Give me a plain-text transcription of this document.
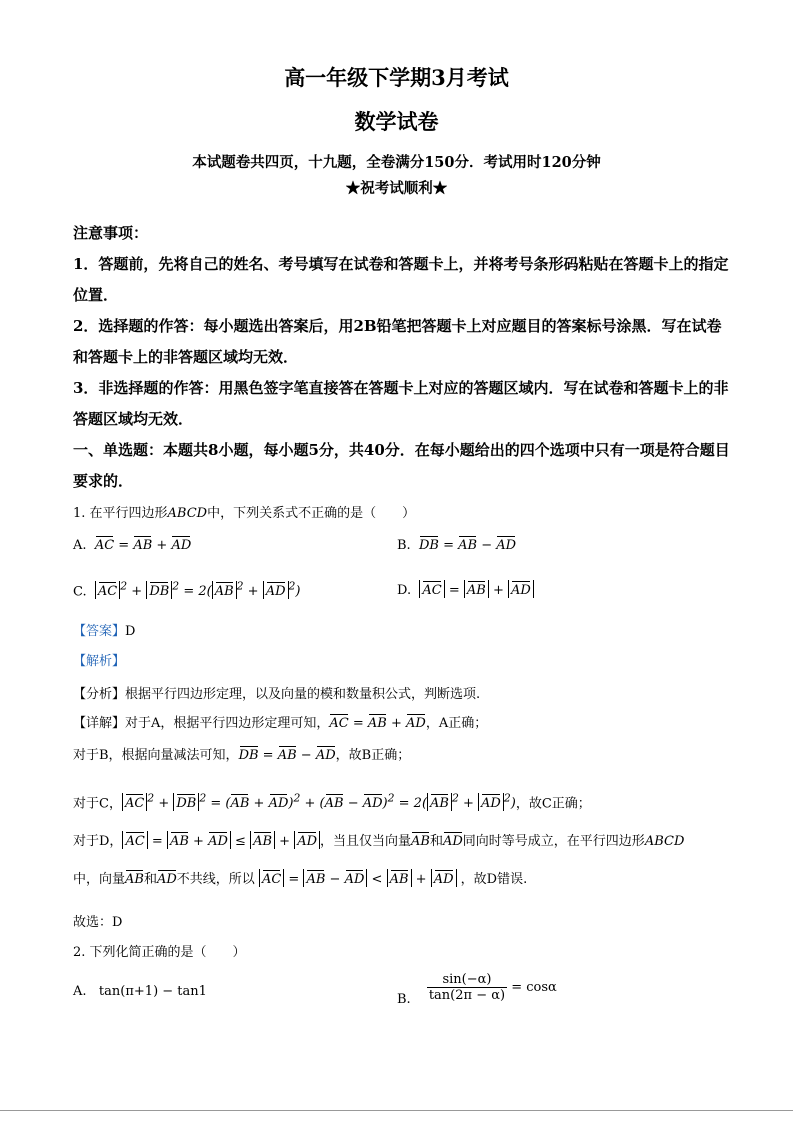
高一年级下学期3月考试
数学试卷
本试题卷共四页，十九题，全卷满分150分．考试用时120分钟
★祝考试顺利★
注意事项：
1．答题前，先将自己的姓名、考号填写在试卷和答题卡上，并将考号条形码粘贴在答题卡上的指定位置．
2．选择题的作答：每小题选出答案后，用2B铅笔把答题卡上对应题目的答案标号涂黑．写在试卷和答题卡上的非答题区域均无效．
3．非选择题的作答：用黑色签字笔直接答在答题卡上对应的答题区域内．写在试卷和答题卡上的非答题区域均无效．
一、单选题：本题共8小题，每小题5分，共40分．在每小题给出的四个选项中只有一项是符合题目要求的．
1. 在平行四边形ABCD中，下列关系式不正确的是（　　）
A. AC = AB + AD	B. DB = AB − AD
C. AC $^2$ + DB $^2$ = 2( AB $^2$ + AD $^2$)	D. AC = AB + AD
【答案】D
【解析】
【分析】根据平行四边形定理，以及向量的模和数量积公式，判断选项.
【详解】对于A，根据平行四边形定理可知，AC = AB + AD，A正确；
对于B，根据向量减法可知，DB = AB − AD，故B正确；
对于C， AC $^2$ + DB $^2$ = (AB + AD)$^2$ + (AB − AD)$^2$ = 2( AB $^2$ + AD $^2$)，故C正确；
对于D， AC = AB + AD ≤ AB + AD ，当且仅当向量AB和AD同向时等号成立，在平行四边形ABCD
中，向量AB和AD不共线，所以 AC = AB − AD < AB + AD ，故D错误.
故选：D
2. 下列化简正确的是（　　）
A.   tan(π+1) − tan1
B. $\frac{\sin(-\alpha)}{\tan(2\pi - \alpha)} = \cos\alpha$
